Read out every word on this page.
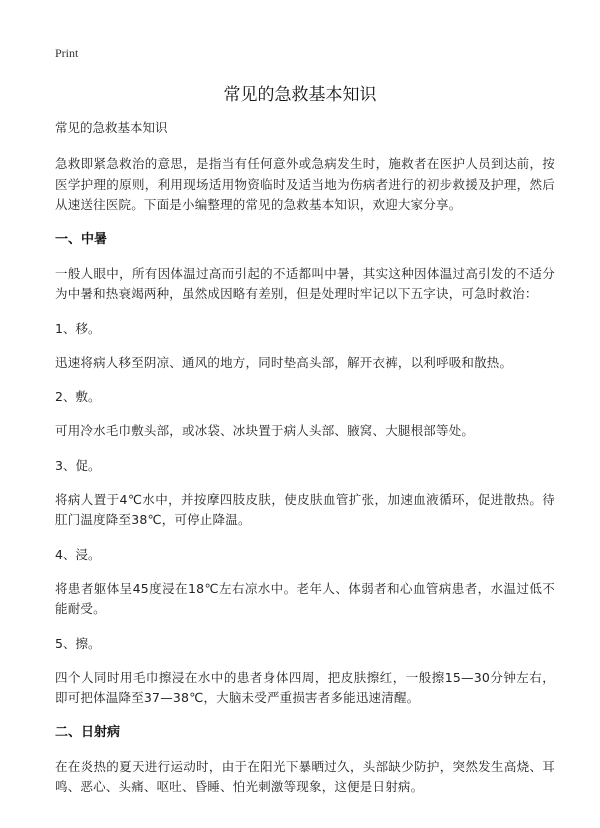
Print
常见的急救基本知识

常见的急救基本知识

急救即紧急救治的意思，是指当有任何意外或急病发生时，施救者在医护人员到达前，按医学护理的原则，利用现场适用物资临时及适当地为伤病者进行的初步救援及护理，然后从速送往医院。下面是小编整理的常见的急救基本知识，欢迎大家分享。

一、中暑

一般人眼中，所有因体温过高而引起的不适都叫中暑，其实这种因体温过高引发的不适分为中暑和热衰竭两种，虽然成因略有差别，但是处理时牢记以下五字诀，可急时救治：

1、移。

迅速将病人移至阴凉、通风的地方，同时垫高头部，解开衣裤，以利呼吸和散热。

2、敷。

可用冷水毛巾敷头部，或冰袋、冰块置于病人头部、腋窝、大腿根部等处。

3、促。

将病人置于4℃水中，并按摩四肢皮肤，使皮肤血管扩张，加速血液循环，促进散热。待肛门温度降至38℃，可停止降温。

4、浸。

将患者躯体呈45度浸在18℃左右凉水中。老年人、体弱者和心血管病患者，水温过低不能耐受。

5、擦。

四个人同时用毛巾擦浸在水中的患者身体四周，把皮肤擦红，一般擦15—30分钟左右，即可把体温降至37—38℃，大脑未受严重损害者多能迅速清醒。

二、日射病

在在炎热的夏天进行运动时，由于在阳光下暴晒过久，头部缺少防护，突然发生高烧、耳鸣、恶心、头痛、呕吐、昏睡、怕光刺激等现象，这便是日射病。
